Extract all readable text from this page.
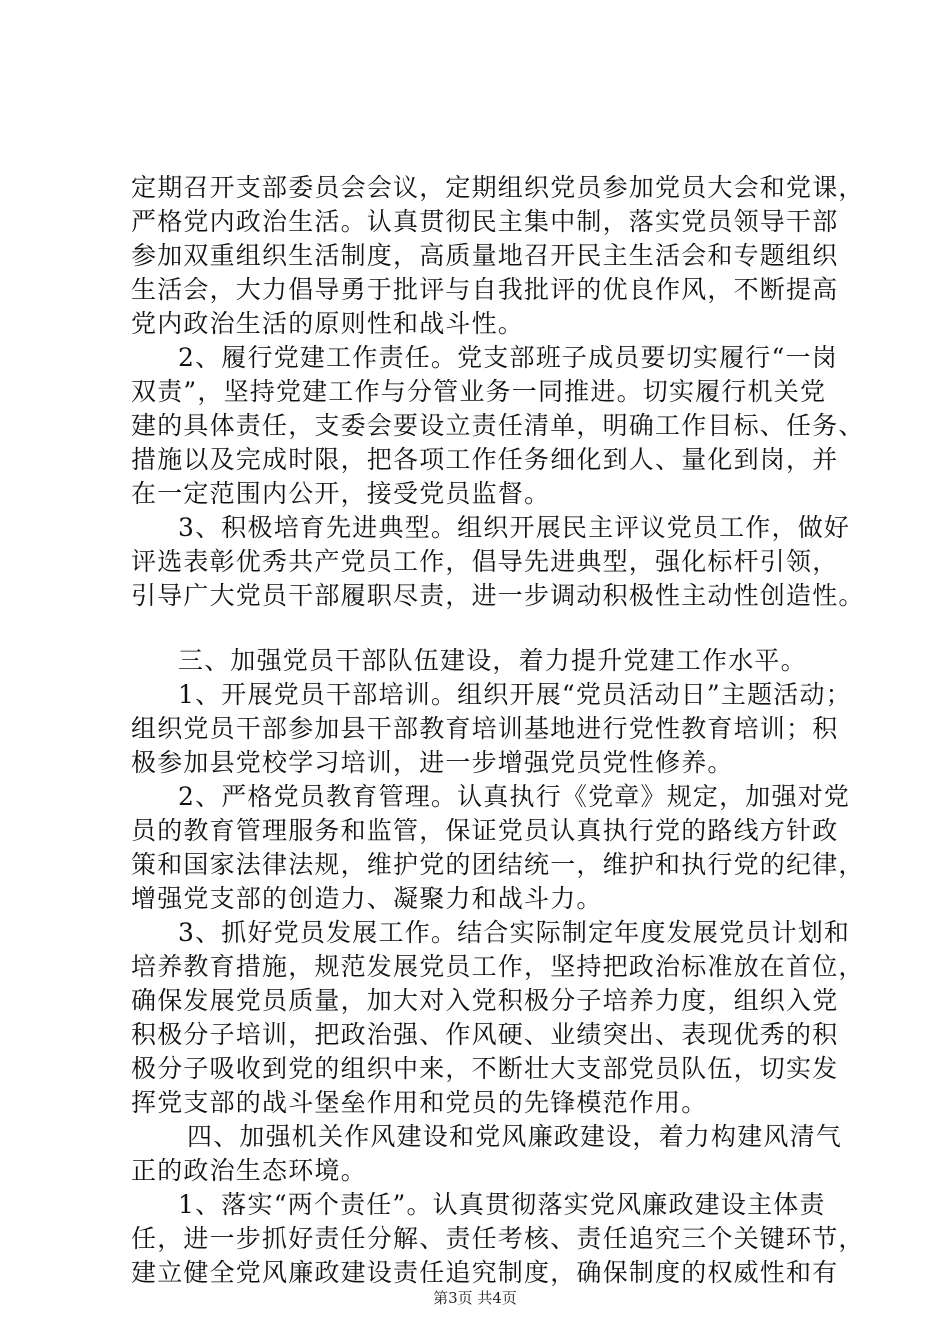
定期召开支部委员会会议，定期组织党员参加党员大会和党课，
严格党内政治生活。认真贯彻民主集中制，落实党员领导干部
参加双重组织生活制度，高质量地召开民主生活会和专题组织
生活会，大力倡导勇于批评与自我批评的优良作风，不断提高
党内政治生活的原则性和战斗性。
2、履行党建工作责任。党支部班子成员要切实履行“一岗
双责”，坚持党建工作与分管业务一同推进。切实履行机关党
建的具体责任，支委会要设立责任清单，明确工作目标、任务、
措施以及完成时限，把各项工作任务细化到人、量化到岗，并
在一定范围内公开，接受党员监督。
3、积极培育先进典型。组织开展民主评议党员工作，做好
评选表彰优秀共产党员工作，倡导先进典型，强化标杆引领，
引导广大党员干部履职尽责，进一步调动积极性主动性创造性。
三、加强党员干部队伍建设，着力提升党建工作水平。
1、开展党员干部培训。组织开展“党员活动日”主题活动；
组织党员干部参加县干部教育培训基地进行党性教育培训；积
极参加县党校学习培训，进一步增强党员党性修养。
2、严格党员教育管理。认真执行《党章》规定，加强对党
员的教育管理服务和监管，保证党员认真执行党的路线方针政
策和国家法律法规，维护党的团结统一，维护和执行党的纪律，
增强党支部的创造力、凝聚力和战斗力。
3、抓好党员发展工作。结合实际制定年度发展党员计划和
培养教育措施，规范发展党员工作，坚持把政治标准放在首位，
确保发展党员质量，加大对入党积极分子培养力度，组织入党
积极分子培训，把政治强、作风硬、业绩突出、表现优秀的积
极分子吸收到党的组织中来，不断壮大支部党员队伍，切实发
挥党支部的战斗堡垒作用和党员的先锋模范作用。
四、加强机关作风建设和党风廉政建设，着力构建风清气
正的政治生态环境。
1、落实“两个责任”。认真贯彻落实党风廉政建设主体责
任，进一步抓好责任分解、责任考核、责任追究三个关键环节，
建立健全党风廉政建设责任追究制度，确保制度的权威性和有
第3页 共4页
